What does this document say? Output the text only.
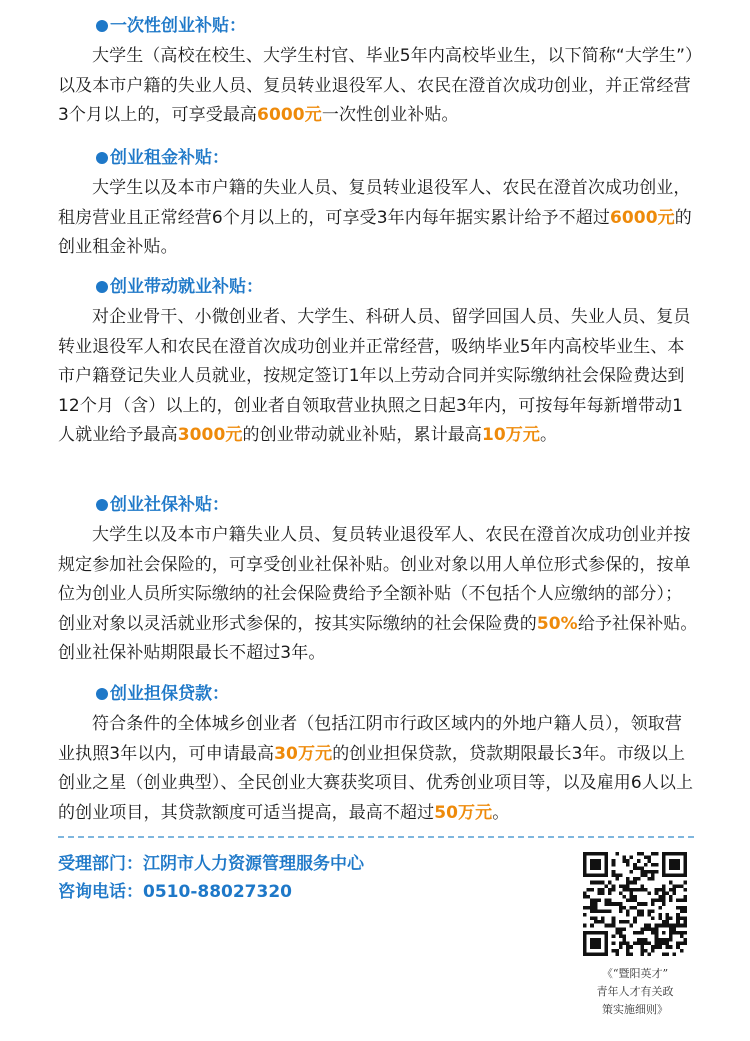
一次性创业补贴：

大学生（高校在校生、大学生村官、毕业5年内高校毕业生，以下简称“大学生”）以及本市户籍的失业人员、复员转业退役军人、农民在澄首次成功创业，并正常经营3个月以上的，可享受最高6000元一次性创业补贴。

创业租金补贴：

大学生以及本市户籍的失业人员、复员转业退役军人、农民在澄首次成功创业，租房营业且正常经营6个月以上的，可享受3年内每年据实累计给予不超过6000元的创业租金补贴。

创业带动就业补贴：

对企业骨干、小微创业者、大学生、科研人员、留学回国人员、失业人员、复员转业退役军人和农民在澄首次成功创业并正常经营，吸纳毕业5年内高校毕业生、本市户籍登记失业人员就业，按规定签订1年以上劳动合同并实际缴纳社会保险费达到12个月（含）以上的，创业者自领取营业执照之日起3年内，可按每年每新增带动1人就业给予最高3000元的创业带动就业补贴，累计最高10万元。

创业社保补贴：

大学生以及本市户籍失业人员、复员转业退役军人、农民在澄首次成功创业并按规定参加社会保险的，可享受创业社保补贴。创业对象以用人单位形式参保的，按单位为创业人员所实际缴纳的社会保险费给予全额补贴（不包括个人应缴纳的部分）；创业对象以灵活就业形式参保的，按其实际缴纳的社会保险费的50%给予社保补贴。创业社保补贴期限最长不超过3年。

创业担保贷款：

符合条件的全体城乡创业者（包括江阴市行政区域内的外地户籍人员），领取营业执照3年以内，可申请最高30万元的创业担保贷款，贷款期限最长3年。市级以上创业之星（创业典型）、全民创业大赛获奖项目、优秀创业项目等，以及雇用6人以上的创业项目，其贷款额度可适当提高，最高不超过50万元。

受理部门：江阴市人力资源管理服务中心
咨询电话：0510-88027320
《“暨阳英才”
青年人才有关政
策实施细则》
